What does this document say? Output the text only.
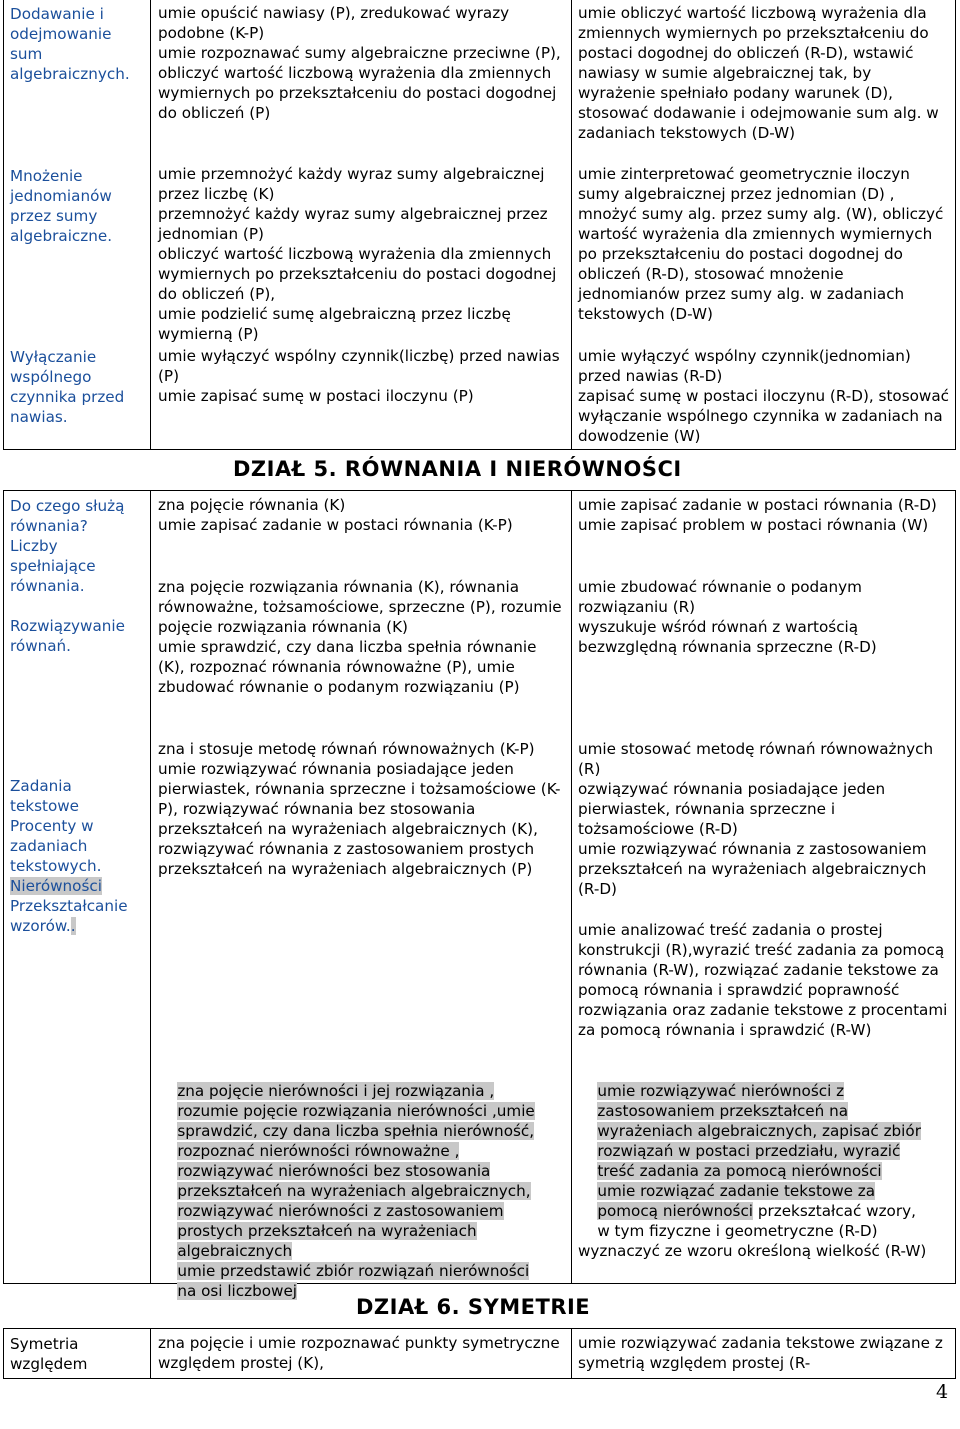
Dodawanie i odejmowanie sum algebraicznych.
umie opuścić nawiasy (P), zredukować wyrazy podobne (K-P)
umie rozpoznawać sumy algebraiczne przeciwne (P), obliczyć wartość liczbową wyrażenia dla zmiennych wymiernych po przekształceniu do postaci dogodnej do obliczeń (P)
umie obliczyć wartość liczbową wyrażenia dla zmiennych wymiernych po przekształceniu do postaci dogodnej do obliczeń (R-D), wstawić nawiasy w sumie algebraicznej tak, by wyrażenie spełniało podany warunek (D), stosować dodawanie i odejmowanie sum alg. w zadaniach tekstowych (D-W)
Mnożenie jednomianów przez sumy algebraiczne.
umie przemnożyć każdy wyraz sumy algebraicznej przez liczbę (K)
przemnożyć każdy wyraz sumy algebraicznej przez jednomian (P)
obliczyć wartość liczbową wyrażenia dla zmiennych wymiernych po przekształceniu do postaci dogodnej do obliczeń (P),
umie podzielić sumę algebraiczną przez liczbę wymierną (P)
umie zinterpretować geometrycznie iloczyn sumy algebraicznej przez jednomian (D) , mnożyć sumy alg. przez sumy alg. (W), obliczyć wartość wyrażenia dla zmiennych wymiernych po przekształceniu do postaci dogodnej do obliczeń (R-D), stosować mnożenie jednomianów przez sumy alg. w zadaniach tekstowych (D-W)
Wyłączanie wspólnego czynnika przed nawias.
umie wyłączyć wspólny czynnik(liczbę) przed nawias (P)
umie zapisać sumę w postaci iloczynu (P)
umie wyłączyć wspólny czynnik(jednomian) przed nawias (R-D)
zapisać sumę w postaci iloczynu (R-D), stosować wyłączanie wspólnego czynnika w zadaniach na dowodzenie (W)
DZIAŁ 5. RÓWNANIA I NIERÓWNOŚCI
Do czego służą równania?
Liczby spełniające równania.

Rozwiązywanie równań.

Zadania tekstowe
Procenty w zadaniach tekstowych.
Nierówności
Przekształcanie wzorów..
zna pojęcie równania (K)
umie zapisać zadanie w postaci równania (K-P)
umie zapisać zadanie w postaci równania (R-D)
umie zapisać problem w postaci równania (W)
zna pojęcie rozwiązania równania (K), równania równoważne, tożsamościowe, sprzeczne (P), rozumie pojęcie rozwiązania równania (K)
umie sprawdzić, czy dana liczba spełnia równanie (K), rozpoznać równania równoważne (P), umie zbudować równanie o podanym rozwiązaniu (P)
umie zbudować równanie o podanym rozwiązaniu (R)
wyszukuje wśród równań z wartością bezwzględną równania sprzeczne (R-D)
zna i stosuje metodę równań równoważnych (K-P)
umie rozwiązywać równania posiadające jeden pierwiastek, równania sprzeczne i tożsamościowe (K-P), rozwiązywać równania bez stosowania przekształceń na wyrażeniach algebraicznych (K), rozwiązywać równania z zastosowaniem prostych przekształceń na wyrażeniach algebraicznych (P)
umie stosować metodę równań równoważnych (R)
ozwiązywać równania posiadające jeden pierwiastek, równania sprzeczne i tożsamościowe (R-D)
umie rozwiązywać równania z zastosowaniem przekształceń na wyrażeniach algebraicznych (R-D)
umie analizować treść zadania o prostej konstrukcji (R),wyrazić treść zadania za pomocą równania (R-W), rozwiązać zadanie tekstowe za pomocą równania i sprawdzić poprawność rozwiązania oraz zadanie tekstowe z procentami za pomocą równania i sprawdzić (R-W)

zna pojęcie nierówności i jej rozwiązania ,
rozumie pojęcie rozwiązania nierówności ,umie
sprawdzić, czy dana liczba spełnia nierówność,
rozpoznać nierówności równoważne ,
rozwiązywać nierówności bez stosowania
przekształceń na wyrażeniach algebraicznych,
rozwiązywać nierówności z zastosowaniem
prostych przekształceń na wyrażeniach
algebraicznych
umie przedstawić zbiór rozwiązań nierówności
na osi liczbowej

umie rozwiązywać nierówności z
zastosowaniem przekształceń na
wyrażeniach algebraicznych, zapisać zbiór
rozwiązań w postaci przedziału, wyrazić
treść zadania za pomocą nierówności
umie rozwiązać zadanie tekstowe za
pomocą nierówności przekształcać wzory,
w tym fizyczne i geometryczne (R-D)
wyznaczyć ze wzoru określoną wielkość (R-W)

DZIAŁ 6. SYMETRIE
Symetria względem
zna pojęcie i umie rozpoznawać punkty symetryczne względem prostej (K),
umie rozwiązywać zadania tekstowe związane z symetrią względem prostej (R-
4
